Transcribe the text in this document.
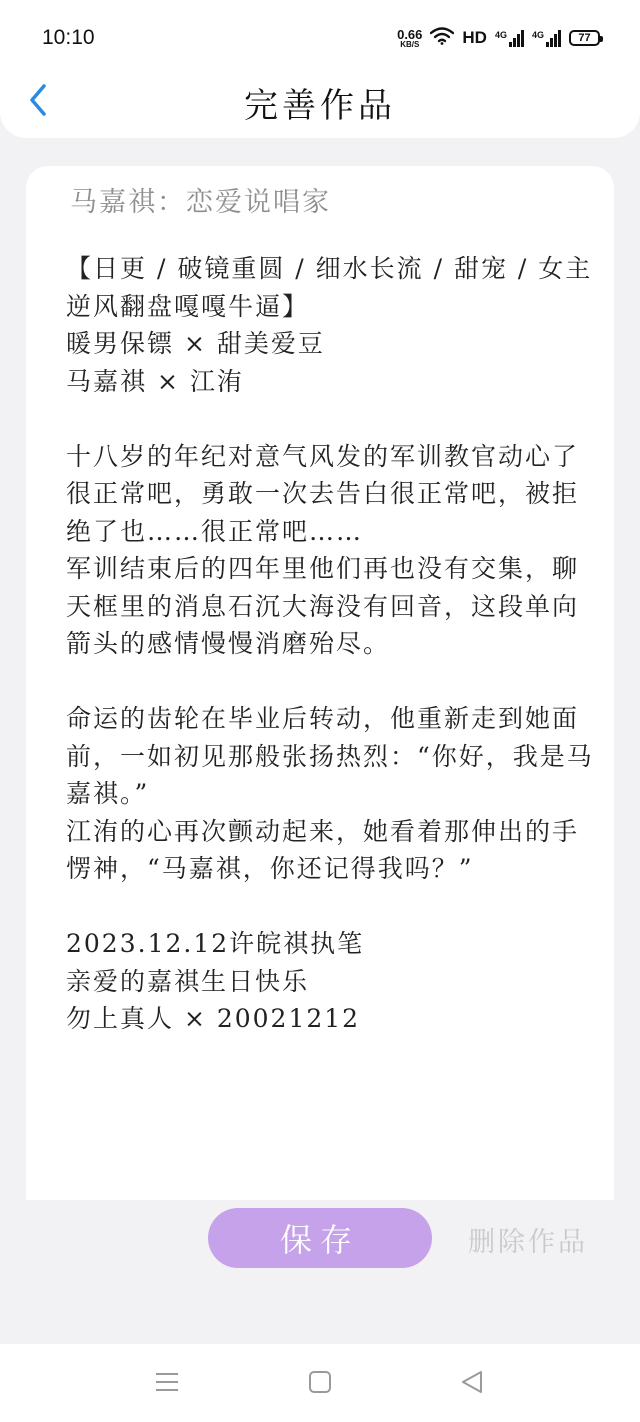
10:10	0.66
KB/S	HD 4G	4G	77
完善作品
马嘉祺：恋爱说唱家

【日更 / 破镜重圆 / 细水长流 / 甜宠 / 女主逆风翻盘嘎嘎牛逼】

暖男保镖 × 甜美爱豆

马嘉祺 × 江洧

十八岁的年纪对意气风发的军训教官动心了很正常吧，勇敢一次去告白很正常吧，被拒绝了也……很正常吧……

军训结束后的四年里他们再也没有交集，聊天框里的消息石沉大海没有回音，这段单向箭头的感情慢慢消磨殆尽。

命运的齿轮在毕业后转动，他重新走到她面前，一如初见那般张扬热烈：“你好，我是马嘉祺。”

江洧的心再次颤动起来，她看着那伸出的手愣神，“马嘉祺，你还记得我吗？”

2023.12.12许皖祺执笔

亲爱的嘉祺生日快乐

勿上真人 × 20021212

保存	删除作品
